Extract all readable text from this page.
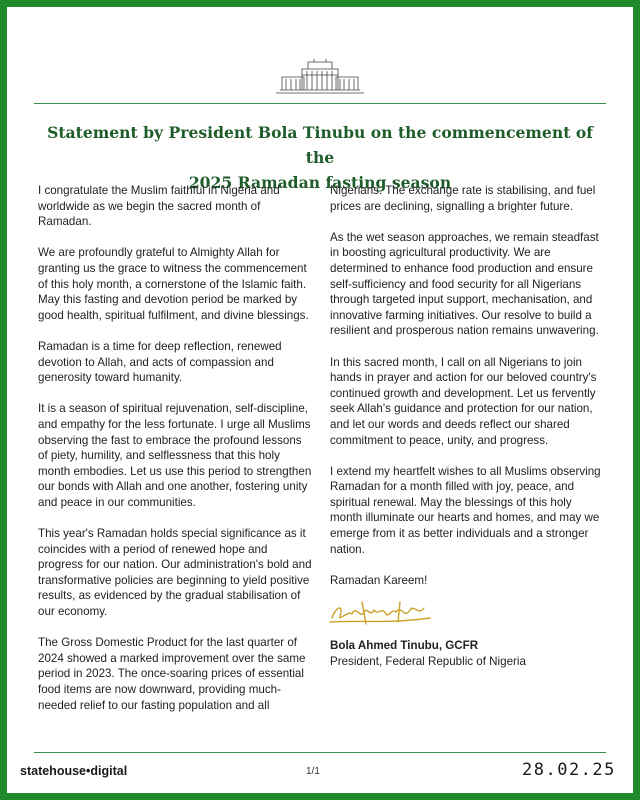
Statement by President Bola Tinubu on the commencement of the
2025 Ramadan fasting season

I congratulate the Muslim faithful in Nigeria and worldwide as we begin the sacred month of Ramadan.

We are profoundly grateful to Almighty Allah for granting us the grace to witness the commencement of this holy month, a cornerstone of the Islamic faith. May this fasting and devotion period be marked by good health, spiritual fulfilment, and divine blessings.

Ramadan is a time for deep reflection, renewed devotion to Allah, and acts of compassion and generosity toward humanity.

It is a season of spiritual rejuvenation, self-discipline, and empathy for the less fortunate. I urge all Muslims observing the fast to embrace the profound lessons of piety, humility, and selflessness that this holy month embodies. Let us use this period to strengthen our bonds with Allah and one another, fostering unity and peace in our communities.

This year's Ramadan holds special significance as it coincides with a period of renewed hope and progress for our nation. Our administration's bold and transformative policies are beginning to yield positive results, as evidenced by the gradual stabilisation of our economy.

The Gross Domestic Product for the last quarter of 2024 showed a marked improvement over the same period in 2023. The once-soaring prices of essential food items are now downward, providing much-needed relief to our fasting population and all

Nigerians. The exchange rate is stabilising, and fuel prices are declining, signalling a brighter future.

As the wet season approaches, we remain steadfast in boosting agricultural productivity. We are determined to enhance food production and ensure self-sufficiency and food security for all Nigerians through targeted input support, mechanisation, and innovative farming initiatives. Our resolve to build a resilient and prosperous nation remains unwavering.

In this sacred month, I call on all Nigerians to join hands in prayer and action for our beloved country's continued growth and development. Let us fervently seek Allah's guidance and protection for our nation, and let our words and deeds reflect our shared commitment to peace, unity, and progress.

I extend my heartfelt wishes to all Muslims observing Ramadan for a month filled with joy, peace, and spiritual renewal. May the blessings of this holy month illuminate our hearts and homes, and may we emerge from it as better individuals and a stronger nation.

Ramadan Kareem!

Bola Ahmed Tinubu, GCFR
President, Federal Republic of Nigeria
statehouse•digital	1/1	28.02.25
